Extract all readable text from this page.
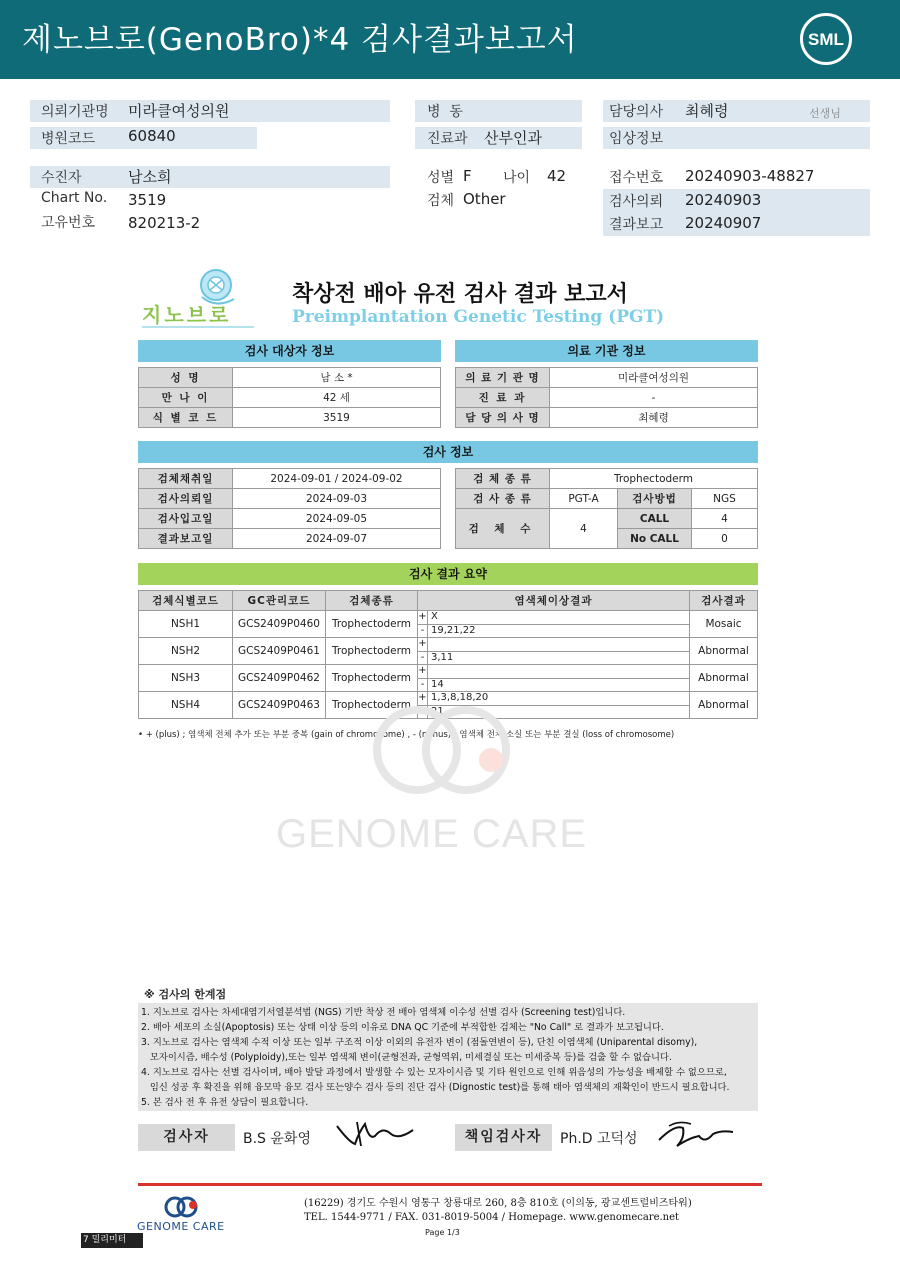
제노브로(GenoBro)*4 검사결과보고서	SML
의뢰기관명 미라클여성의원
병원코드 60840
병  동
진료과 산부인과
담당의사 최혜령	선생님
임상정보
수진자	남소희
Chart No. 3519
고유번호 820213-2
성별 F 나이 42
검체 Other
접수번호 20240903-48827
검사의뢰 20240903
결과보고 20240907
지노브로
착상전 배아 유전 검사 결과 보고서
Preimplantation Genetic Testing (PGT)
검사 대상자 정보
성 명	남 소 *
만 나 이	42 세
식 별 코 드	3519
의료 기관 정보
의 료 기 관 명	미라클여성의원
진 료 과	-
담 당 의 사 명	최혜령
검사 정보
검체채취일	2024-09-01 / 2024-09-02
검사의뢰일	2024-09-03
검사입고일	2024-09-05
결과보고일	2024-09-07
검 체 종 류	Trophectoderm		
검 사 종 류	PGT-A	검사방법	NGS
검 체 수	4	CALL	4
		No CALL	0
검사 결과 요약
검체식별코드	GC관리코드	검체종류	염색체이상결과	검사결과
NSH1	GCS2409P0460	Trophectoderm	+ X
- 19,21,22	Mosaic
NSH2	GCS2409P0461	Trophectoderm	+
- 3,11	Abnormal
NSH3	GCS2409P0462	Trophectoderm	+
- 14	Abnormal
NSH4	GCS2409P0463	Trophectoderm	+ 1,3,8,18,20
- 21	Abnormal
• + (plus) ; 염색체 전체 추가 또는 부분 중복 (gain of chromosome) , - (minus) ; 염색체 전체 소실 또는 부분 결실 (loss of chromosome)
GENOME CARE
※ 검사의 한계점
1. 지노브로 검사는 차세대염기서열분석법 (NGS) 기반 착상 전 배아 염색체 이수성 선별 검사 (Screening test)입니다.
2. 배아 세포의 소실(Apoptosis) 또는 상태 이상 등의 이유로 DNA QC 기준에 부적합한 검체는 "No Call" 로 결과가 보고됩니다.
3. 지노브로 검사는 염색체 수적 이상 또는 일부 구조적 이상 이외의 유전자 변이 (점돌연변이 등), 단친 이염색체 (Uniparental disomy),
모자이시즘, 배수성 (Polyploidy),또는 일부 염색체 변이(균형전좌, 균형역위, 미세결실 또는 미세중복 등)를 검출 할 수 없습니다.
4. 지노브로 검사는 선별 검사이며, 배아 발달 과정에서 발생할 수 있는 모자이시즘 및 기타 원인으로 인해 위음성의 가능성을 배제할 수 없으므로,
임신 성공 후 확진을 위해 융모막 융모 검사 또는양수 검사 등의 진단 검사 (Dignostic test)를 통해 태아 염색체의 재확인이 반드시 필요합니다.
5. 본 검사 전 후 유전 상담이 필요합니다.
검사자	B.S 윤화영	책임검사자	Ph.D 고덕성
GENOME CARE
(16229) 경기도 수원시 영통구 창룡대로 260, 8층 810호 (이의동, 광교센트럴비즈타워)
TEL. 1544-9771 / FAX. 031-8019-5004 / Homepage. www.genomecare.net
Page 1/3
7 밀리미터
